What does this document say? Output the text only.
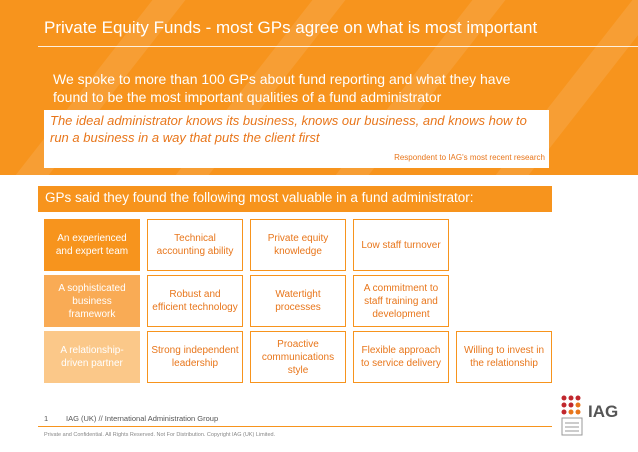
Private Equity Funds - most GPs agree on what is most important
We spoke to more than 100 GPs about fund reporting and what they have found to be the most important qualities of a fund administrator
The ideal administrator knows its business, knows our business, and knows how to run a business in a way that puts the client first
Respondent to IAG's most recent research
GPs said they found the following most valuable in a fund administrator:
An experienced and expert team
Technical accounting ability
Private equity knowledge
Low staff turnover
A sophisticated business framework
Robust and efficient technology
Watertight processes
A commitment to staff training and development
A relationship-driven partner
Strong independent leadership
Proactive communications style
Flexible approach to service delivery
Willing to invest in the relationship
1 IAG (UK) // International Administration Group
Private and Confidential. All Rights Reserved. Not For Distribution. Copyright IAG (UK) Limited.
IAG
